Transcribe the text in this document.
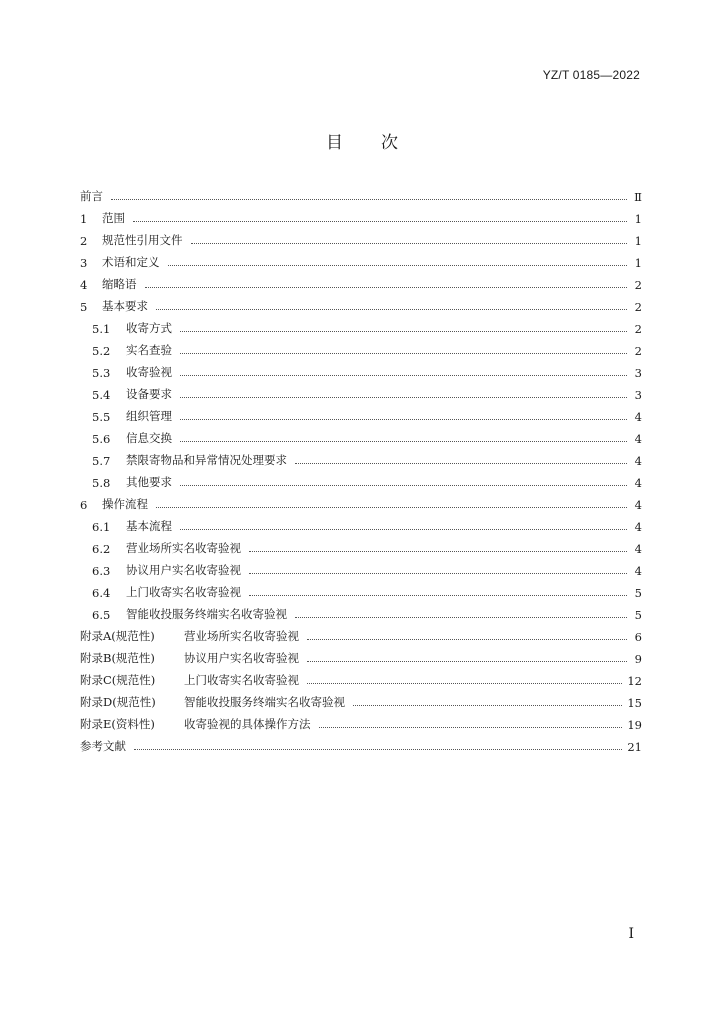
YZ/T 0185—2022
目次
前言	Ⅱ
1	范围	1
2	规范性引用文件	1
3	术语和定义	1
4	缩略语	2
5	基本要求	2
5.1	收寄方式	2
5.2	实名查验	2
5.3	收寄验视	3
5.4	设备要求	3
5.5	组织管理	4
5.6	信息交换	4
5.7	禁限寄物品和异常情况处理要求	4
5.8	其他要求	4
6	操作流程	4
6.1	基本流程	4
6.2	营业场所实名收寄验视	4
6.3	协议用户实名收寄验视	4
6.4	上门收寄实名收寄验视	5
6.5	智能收投服务终端实名收寄验视	5
附录A(规范性)	营业场所实名收寄验视	6
附录B(规范性)	协议用户实名收寄验视	9
附录C(规范性)	上门收寄实名收寄验视	12
附录D(规范性)	智能收投服务终端实名收寄验视	15
附录E(资料性)	收寄验视的具体操作方法	19
参考文献	21
I
